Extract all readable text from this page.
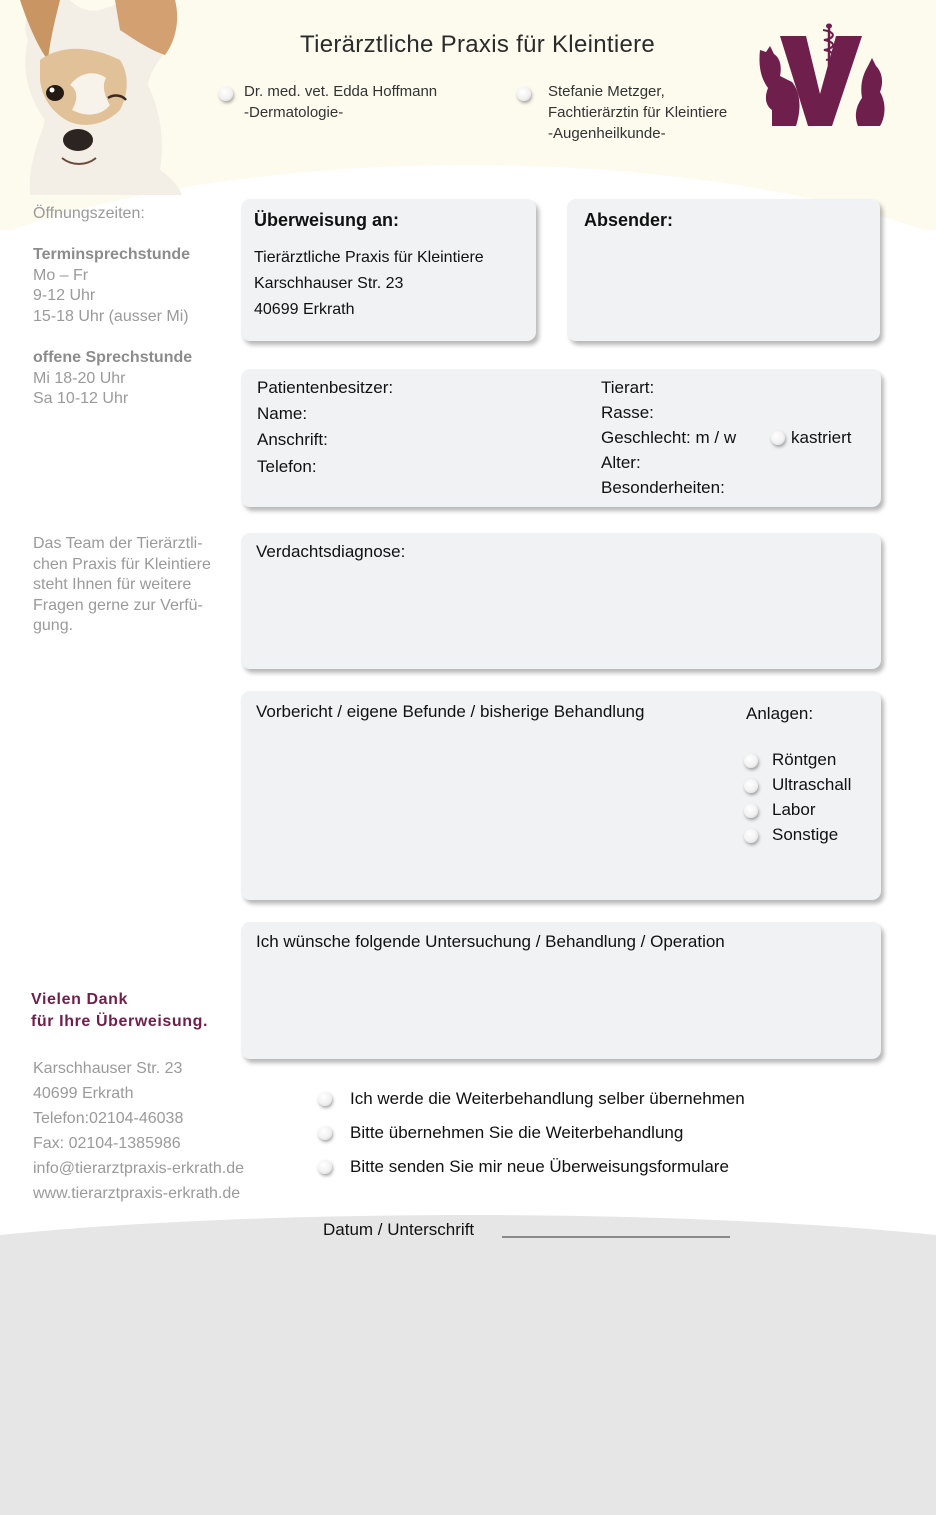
Tierärztliche Praxis für Kleintiere
Dr. med. vet. Edda Hoffmann
-Dermatologie-
Stefanie Metzger,
Fachtierärztin für Kleintiere
-Augenheilkunde-
Öffnungszeiten:
Terminsprechstunde
Mo – Fr
9-12 Uhr
15-18 Uhr (ausser Mi)
offene Sprechstunde
Mi 18-20 Uhr
Sa 10-12 Uhr
Das Team der Tierärztli-
chen Praxis für Kleintiere
steht Ihnen für weitere
Fragen gerne zur Verfü-
gung.
Vielen Dank
für Ihre Überweisung.
Karschhauser Str. 23
40699 Erkrath
Telefon:02104-46038
Fax: 02104-1385986
info@tierarztpraxis-erkrath.de
www.tierarztpraxis-erkrath.de
Überweisung an:
Tierärztliche Praxis für Kleintiere
Karschhauser Str. 23
40699 Erkrath
Absender:
Patientenbesitzer:
Name:
Anschrift:
Telefon:
Tierart:
Rasse:
Geschlecht: m / w	kastriert
Alter:
Besonderheiten:
Verdachtsdiagnose:
Vorbericht / eigene Befunde / bisherige Behandlung	Anlagen:
Röntgen
Ultraschall
Labor
Sonstige
Ich wünsche folgende Untersuchung / Behandlung / Operation
Ich werde die Weiterbehandlung selber übernehmen
Bitte übernehmen Sie die Weiterbehandlung
Bitte senden Sie mir neue Überweisungsformulare
Datum / Unterschrift
